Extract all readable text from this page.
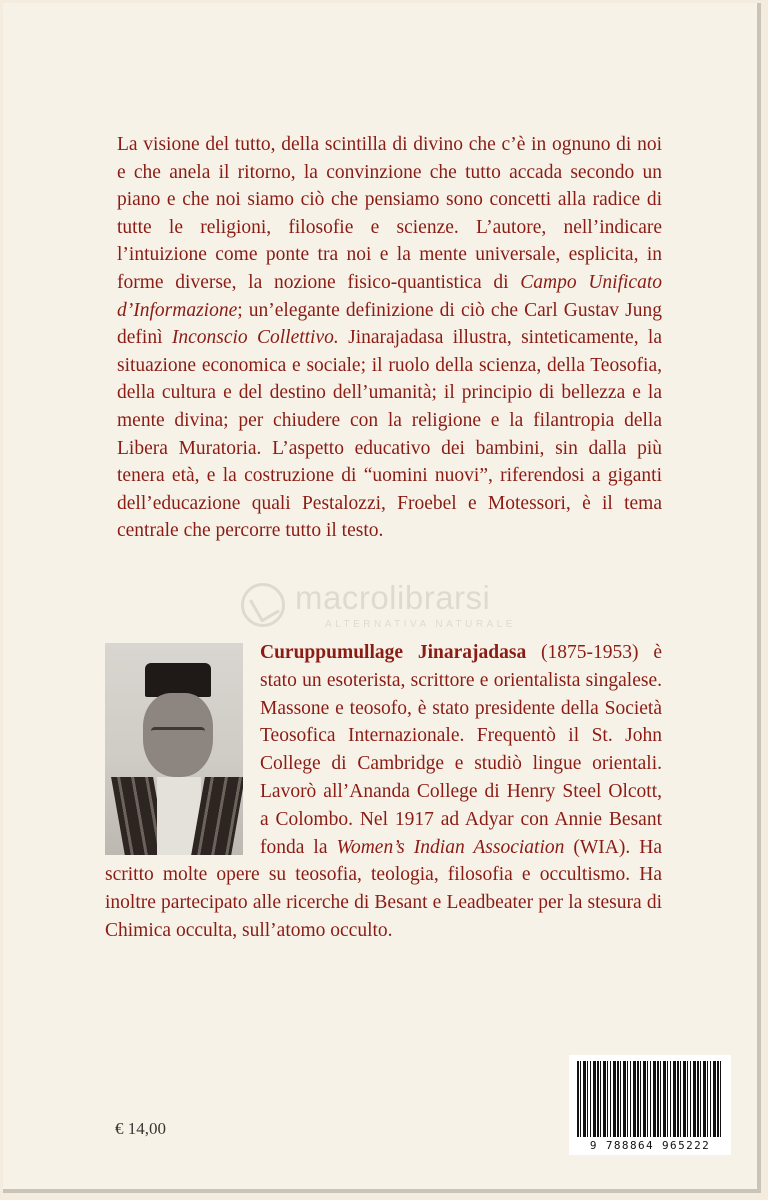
La visione del tutto, della scintilla di divino che c’è in ognuno di noi e che anela il ritorno, la convinzione che tutto accada secondo un piano e che noi siamo ciò che pensiamo sono concetti alla radice di tutte le religioni, filosofie e scienze. L’autore, nell’indicare l’intuizione come ponte tra noi e la mente universale, esplicita, in forme diverse, la nozione fisico-quantistica di Campo Unificato d’Informazione; un’elegante definizione di ciò che Carl Gustav Jung definì Inconscio Collettivo. Jinarajadasa illustra, sinteticamente, la situazione economica e sociale; il ruolo della scienza, della Teosofia, della cultura e del destino dell’umanità; il principio di bellezza e la mente divina; per chiudere con la religione e la filantropia della Libera Muratoria. L’aspetto educativo dei bambini, sin dalla più tenera età, e la costruzione di “uomini nuovi”, riferendosi a giganti dell’educazione quali Pestalozzi, Froebel e Motessori, è il tema centrale che percorre tutto il testo.

macrolibrarsi
ALTERNATIVA NATURALE

Curuppumullage Jinarajadasa (1875-1953) è stato un esoterista, scrittore e orientalista singalese. Massone e teosofo, è stato presidente della Società Teosofica Internazionale. Frequentò il St. John College di Cambridge e studiò lingue orientali. Lavorò all’Ananda College di Henry Steel Olcott, a Colombo. Nel 1917 ad Adyar con Annie Besant fonda la Women’s Indian Association (WIA). Ha scritto molte opere su teosofia, teologia, filosofia e occultismo. Ha inoltre partecipato alle ricerche di Besant e Leadbeater per la stesura di Chimica occulta, sull’atomo occulto.

€ 14,00
9 788864 965222
